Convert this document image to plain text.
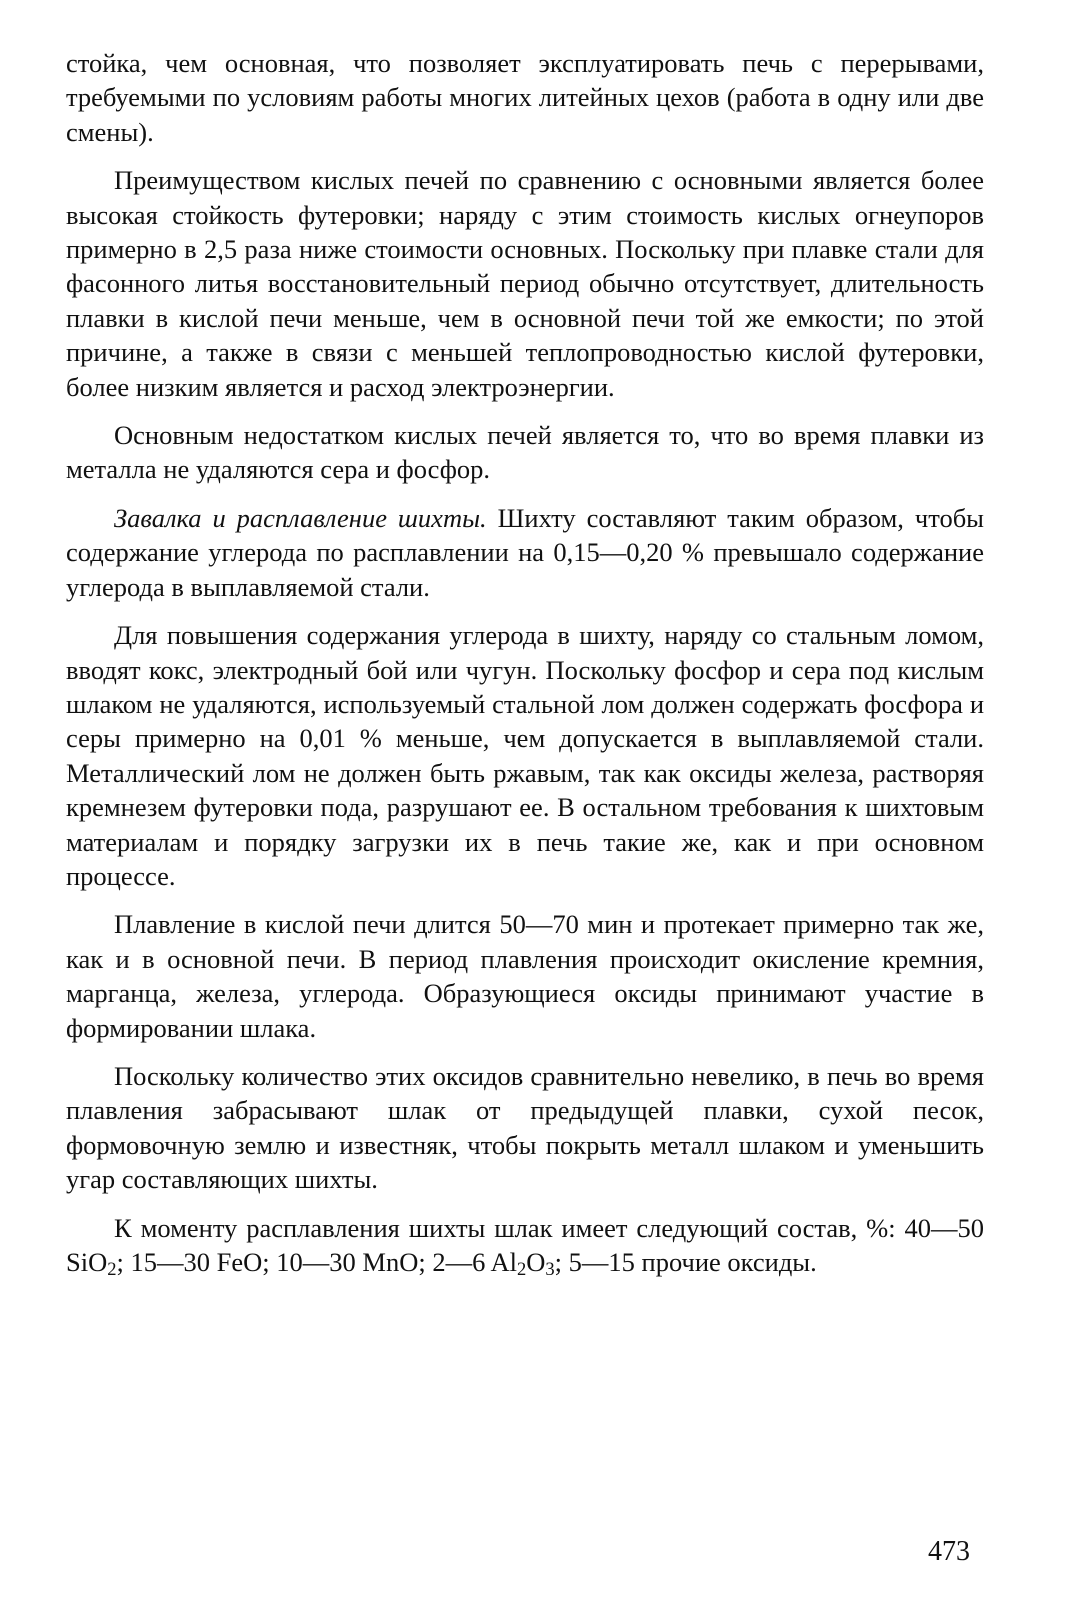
стойка, чем основная, что позволяет эксплуатировать печь с перерывами, требуемыми по условиям работы многих литейных цехов (работа в одну или две смены).

Преимуществом кислых печей по сравнению с основными является более высокая стойкость футеровки; наряду с этим стоимость кислых огнеупоров примерно в 2,5 раза ниже стоимости основных. Поскольку при плавке стали для фасонного литья восстановительный период обычно отсутствует, длительность плавки в кислой печи меньше, чем в основной печи той же емкости; по этой причине, а также в связи с меньшей теплопроводностью кислой футеровки, более низким является и расход электроэнергии.

Основным недостатком кислых печей является то, что во время плавки из металла не удаляются сера и фосфор.

Завалка и расплавление шихты. Шихту составляют таким образом, чтобы содержание углерода по расплавлении на 0,15—0,20 % превышало содержание углерода в выплавляемой стали.

Для повышения содержания углерода в шихту, наряду со стальным ломом, вводят кокс, электродный бой или чугун. Поскольку фосфор и сера под кислым шлаком не удаляются, используемый стальной лом должен содержать фосфора и серы примерно на 0,01 % меньше, чем допускается в выплавляемой стали. Металлический лом не должен быть ржавым, так как оксиды железа, растворяя кремнезем футеровки пода, разрушают ее. В остальном требования к шихтовым материалам и порядку загрузки их в печь такие же, как и при основном процессе.

Плавление в кислой печи длится 50—70 мин и протекает примерно так же, как и в основной печи. В период плавления происходит окисление кремния, марганца, железа, углерода. Образующиеся оксиды принимают участие в формировании шлака.

Поскольку количество этих оксидов сравнительно невелико, в печь во время плавления забрасывают шлак от предыдущей плавки, сухой песок, формовочную землю и известняк, чтобы покрыть металл шлаком и уменьшить угар составляющих шихты.

К моменту расплавления шихты шлак имеет следующий состав, %: 40—50 SiO$_2$; 15—30 FeO; 10—30 MnO; 2—6 $Al_2O_3$; 5—15 прочие оксиды.

473
